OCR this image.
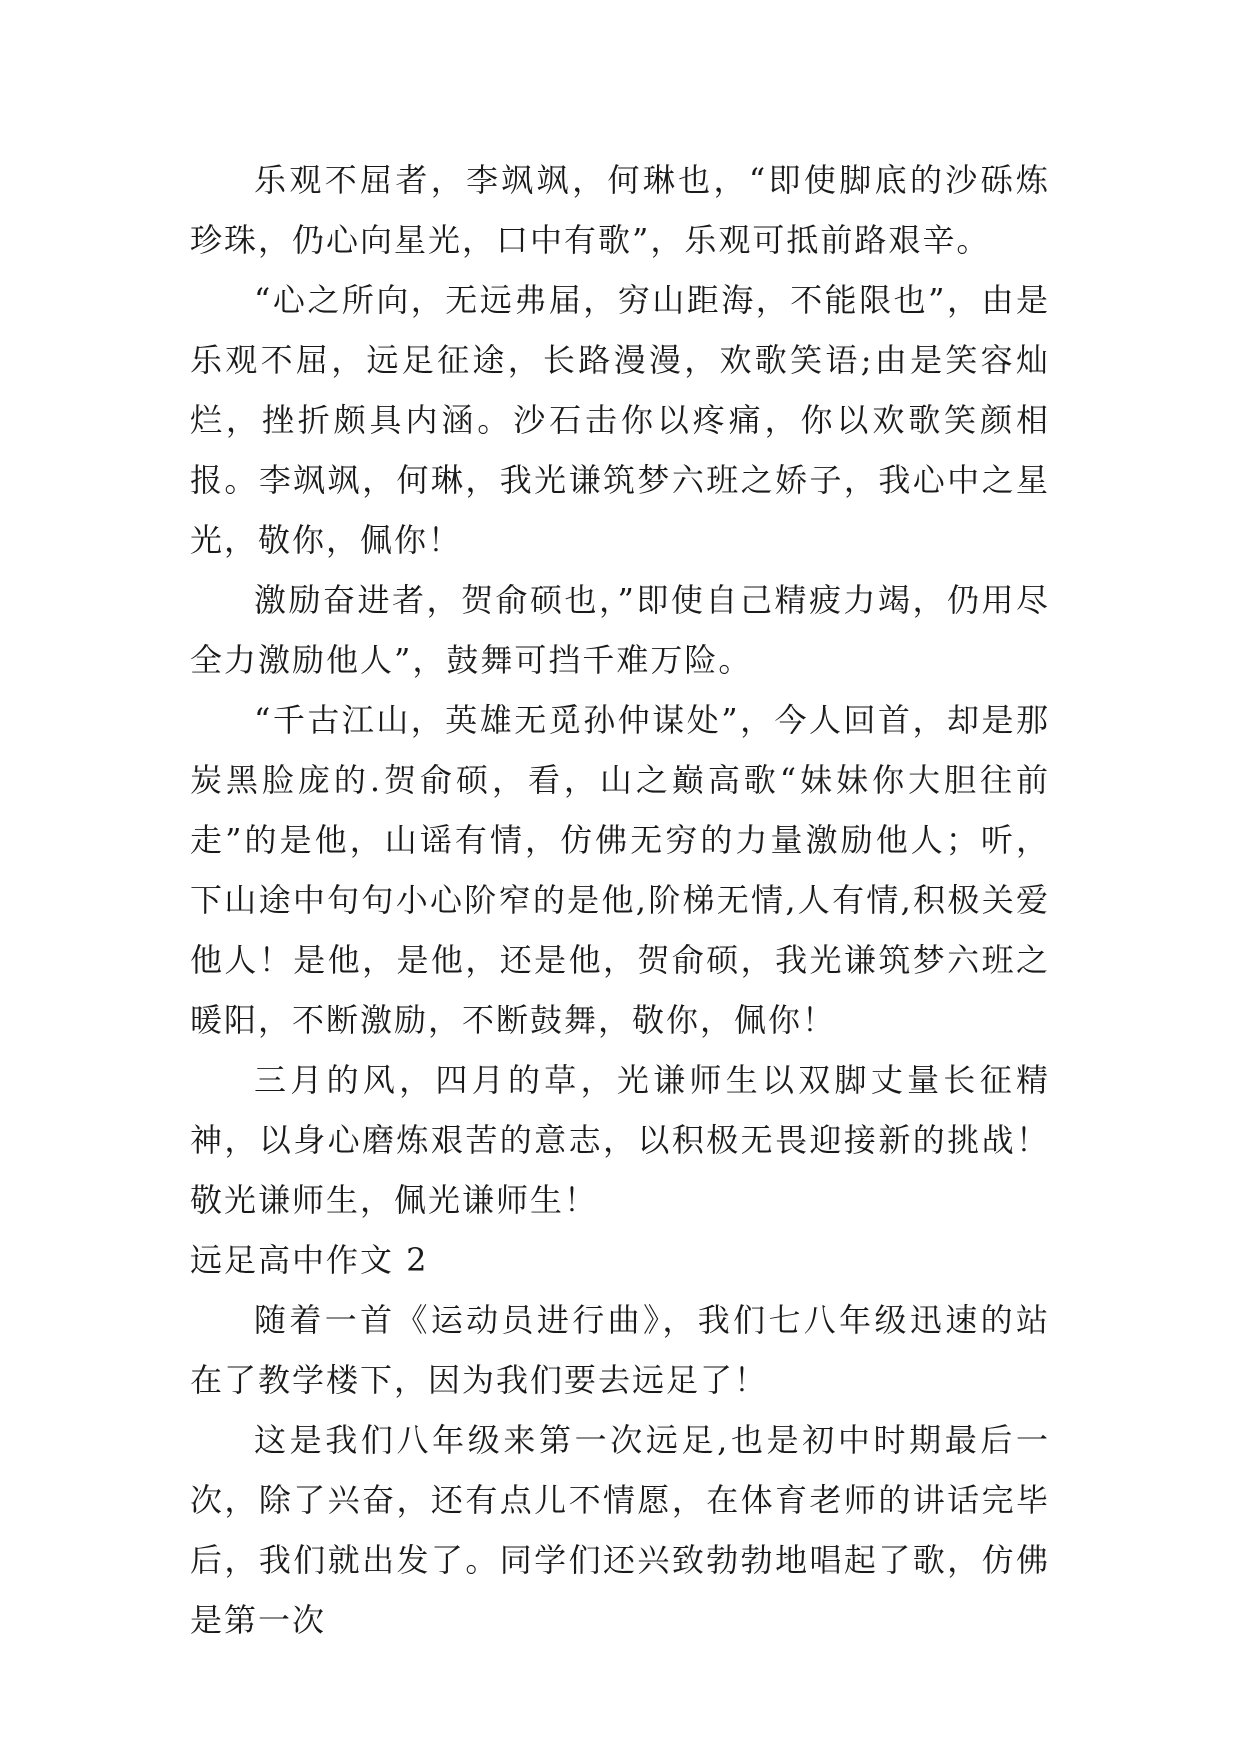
乐观不屈者，李飒飒，何琳也，“即使脚底的沙砾炼珍珠，仍心向星光，口中有歌”，乐观可抵前路艰辛。

“心之所向，无远弗届，穷山距海，不能限也”，由是乐观不屈，远足征途，长路漫漫，欢歌笑语;由是笑容灿烂，挫折颇具内涵。沙石击你以疼痛，你以欢歌笑颜相报。李飒飒，何琳，我光谦筑梦六班之娇子，我心中之星光，敬你，佩你！

激励奋进者，贺俞硕也，”即使自己精疲力竭，仍用尽全力激励他人”，鼓舞可挡千难万险。

“千古江山，英雄无觅孙仲谋处”，今人回首，却是那炭黑脸庞的.贺俞硕，看，山之巅高歌“妹妹你大胆往前走”的是他，山谣有情，仿佛无穷的力量激励他人；听，下山途中句句小心阶窄的是他,阶梯无情,人有情,积极关爱他人！是他，是他，还是他，贺俞硕，我光谦筑梦六班之暖阳，不断激励，不断鼓舞，敬你，佩你！

三月的风，四月的草，光谦师生以双脚丈量长征精神，以身心磨炼艰苦的意志，以积极无畏迎接新的挑战！敬光谦师生，佩光谦师生！

远足高中作文 2

随着一首《运动员进行曲》，我们七八年级迅速的站在了教学楼下，因为我们要去远足了！

这是我们八年级来第一次远足,也是初中时期最后一次，除了兴奋，还有点儿不情愿，在体育老师的讲话完毕后，我们就出发了。同学们还兴致勃勃地唱起了歌，仿佛是第一次
